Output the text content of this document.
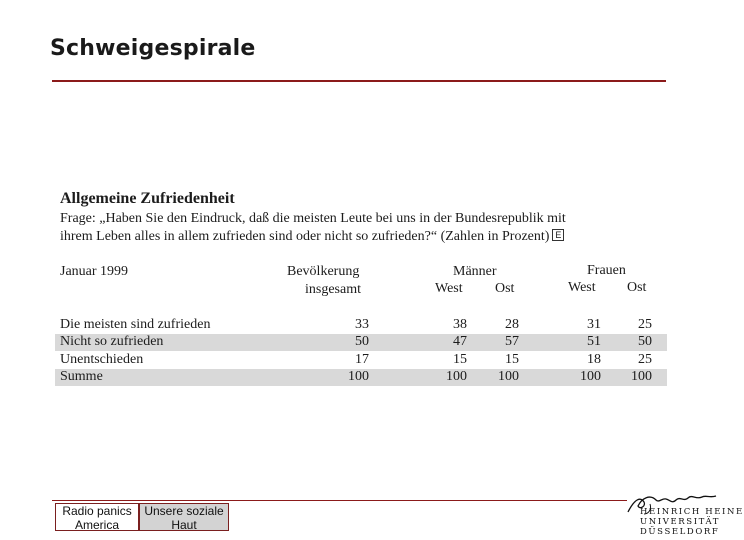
Schweigespirale
Allgemeine Zufriedenheit
Frage: „Haben Sie den Eindruck, daß die meisten Leute bei uns in der Bundesrepublik mit
ihrem Leben alles in allem zufrieden sind oder nicht so zufrieden?“ (Zahlen in Prozent) E
Januar 1999	Bevölkerung
insgesamt
Männer	Frauen
West Ost	West Ost
Die meisten sind zufrieden	33	38	28	31	25
Nicht so zufrieden	50	47	57	51	50
Unentschieden	17	15	15	18	25
Summe	100	100	100	100	100
Radio panics
America
Unsere soziale
Haut
HEINRICH HEINE
UNIVERSITÄT
DÜSSELDORF
